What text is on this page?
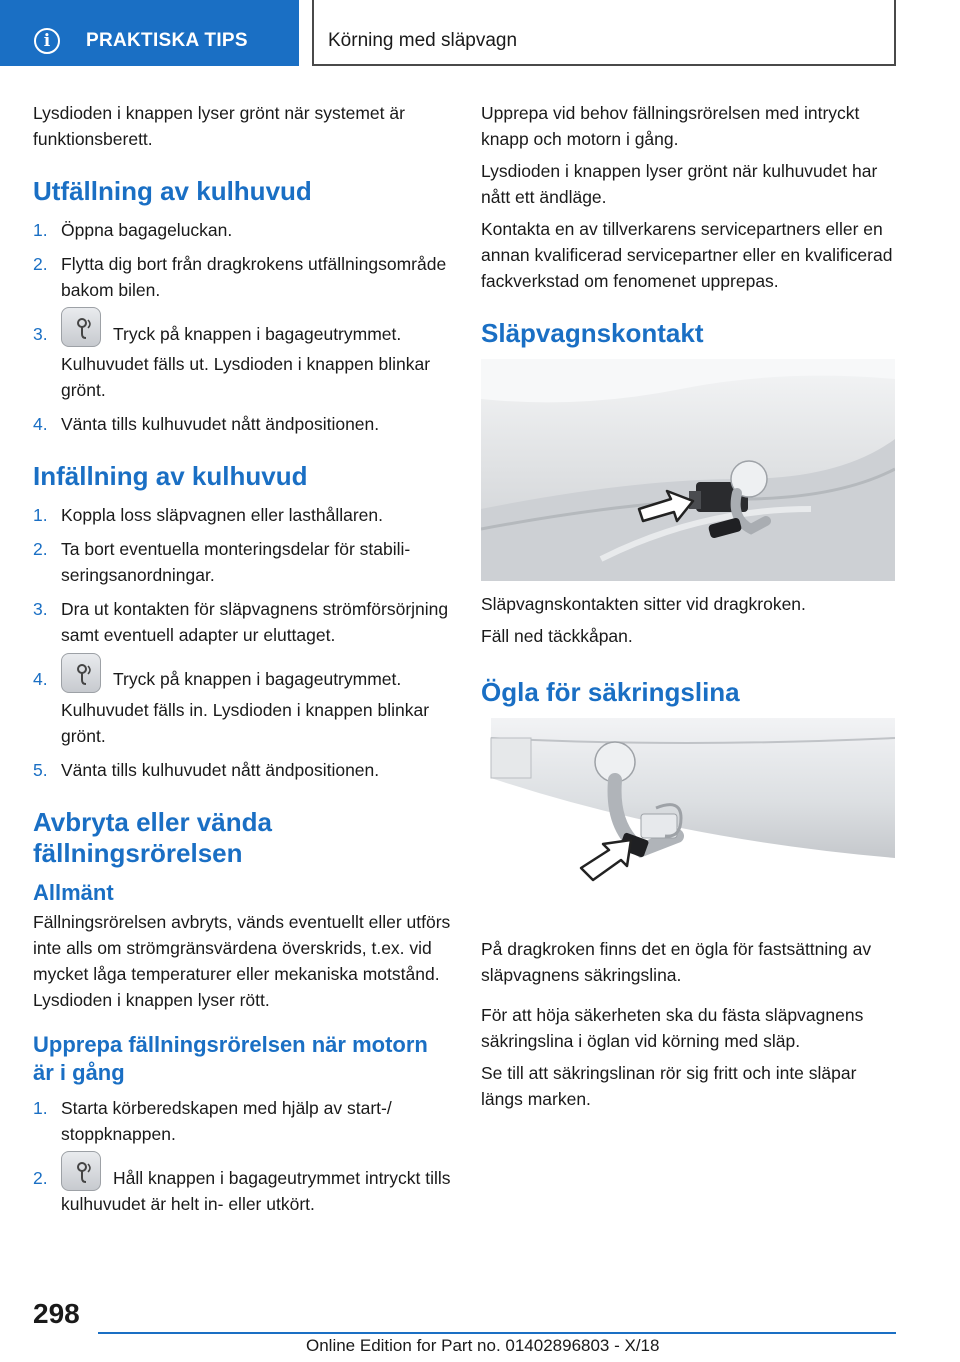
i	PRAKTISKA TIPS	Körning med släpvagn

Lysdioden i knappen lyser grönt när systemet är funktionsberett.

Utfällning av kulhuvud
1. Öppna bagageluckan.
2. Flytta dig bort från dragkrokens utfällningsområde bakom bilen.
3.	Tryck på knappen i bagageutrymmet.
Kulhuvudet fälls ut. Lysdioden i knappen blinkar grönt.
4. Vänta tills kulhuvudet nått ändpositionen.
Infällning av kulhuvud
1. Koppla loss släpvagnen eller lasthållaren.
2. Ta bort eventuella monteringsdelar för stabiliseringsanordningar.
3. Dra ut kontakten för släpvagnens strömförsörjning samt eventuell adapter ur eluttaget.
4.	Tryck på knappen i bagageutrymmet.
Kulhuvudet fälls in. Lysdioden i knappen blinkar grönt.
5. Vänta tills kulhuvudet nått ändpositionen.
Avbryta eller vända fällningsrörelsen
Allmänt

Fällningsrörelsen avbryts, vänds eventuellt eller utförs inte alls om strömgränsvärdena överskrids, t.ex. vid mycket låga temperaturer eller mekaniska motstånd. Lysdioden i knappen lyser rött.

Upprepa fällningsrörelsen när motorn är i gång
1. Starta körberedskapen med hjälp av start-/ stoppknappen.
2.	Håll knappen i bagageutrymmet intryckt tills kulhuvudet är helt in- eller utkört.

Upprepa vid behov fällningsrörelsen med intryckt knapp och motorn i gång.

Lysdioden i knappen lyser grönt när kulhuvudet har nått ett ändläge.

Kontakta en av tillverkarens servicepartners eller en annan kvalificerad servicepartner eller en kvalificerad fackverkstad om fenomenet upprepas.

Släpvagnskontakt

Släpvagnskontakten sitter vid dragkroken.

Fäll ned täckkåpan.

Ögla för säkringslina

På dragkroken finns det en ögla för fastsättning av släpvagnens säkringslina.

För att höja säkerheten ska du fästa släpvagnens säkringslina i öglan vid körning med släp.

Se till att säkringslinan rör sig fritt och inte släpar längs marken.

298
Online Edition for Part no. 01402896803 - X/18
